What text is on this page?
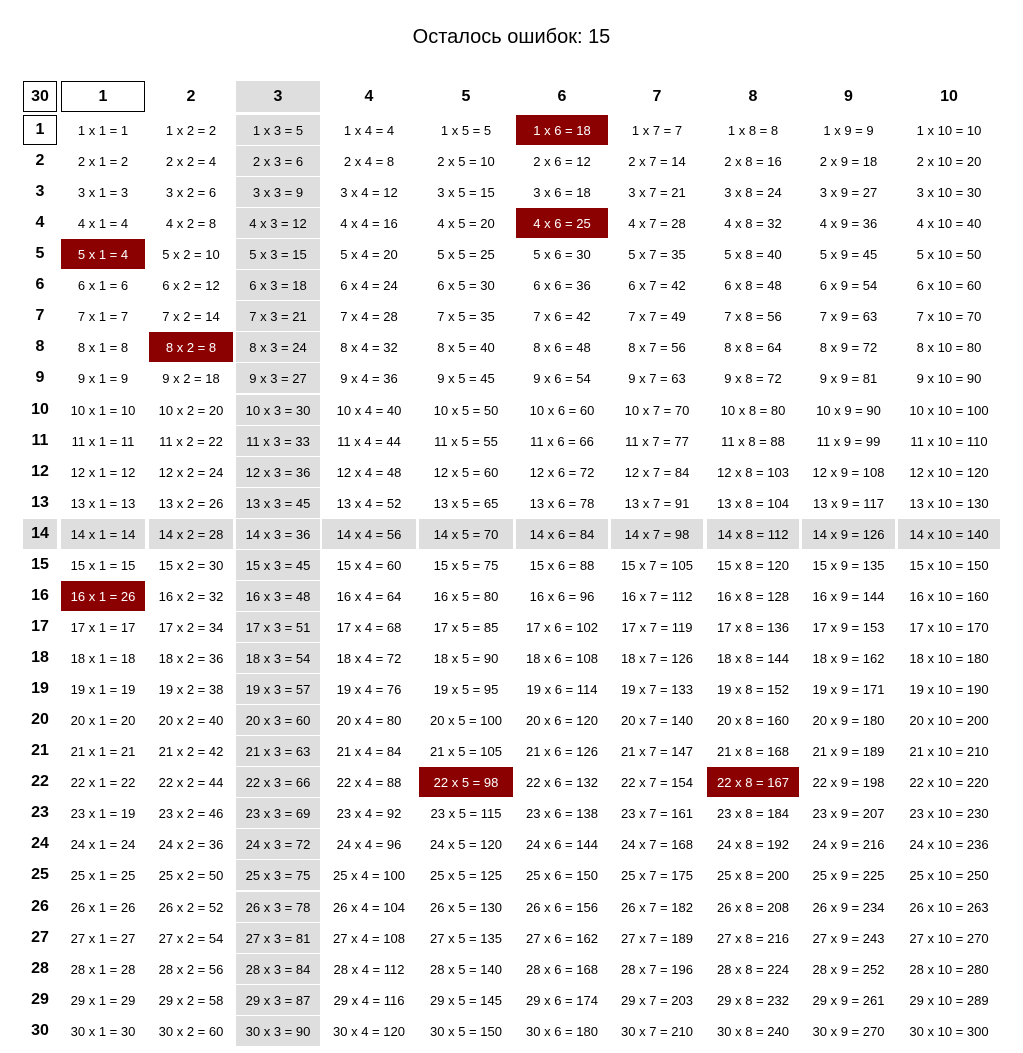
Осталось ошибок: 15
30	1	2	3	4	5	6	7	8	9	10
1	1 x 1 = 1	1 x 2 = 2	1 x 3 = 5	1 x 4 = 4	1 x 5 = 5	1 x 6 = 18	1 x 7 = 7	1 x 8 = 8	1 x 9 = 9	1 x 10 = 10
2	2 x 1 = 2	2 x 2 = 4	2 x 3 = 6	2 x 4 = 8	2 x 5 = 10	2 x 6 = 12	2 x 7 = 14	2 x 8 = 16	2 x 9 = 18	2 x 10 = 20
3	3 x 1 = 3	3 x 2 = 6	3 x 3 = 9	3 x 4 = 12	3 x 5 = 15	3 x 6 = 18	3 x 7 = 21	3 x 8 = 24	3 x 9 = 27	3 x 10 = 30
4	4 x 1 = 4	4 x 2 = 8	4 x 3 = 12	4 x 4 = 16	4 x 5 = 20	4 x 6 = 25	4 x 7 = 28	4 x 8 = 32	4 x 9 = 36	4 x 10 = 40
5	5 x 1 = 4	5 x 2 = 10	5 x 3 = 15	5 x 4 = 20	5 x 5 = 25	5 x 6 = 30	5 x 7 = 35	5 x 8 = 40	5 x 9 = 45	5 x 10 = 50
6	6 x 1 = 6	6 x 2 = 12	6 x 3 = 18	6 x 4 = 24	6 x 5 = 30	6 x 6 = 36	6 x 7 = 42	6 x 8 = 48	6 x 9 = 54	6 x 10 = 60
7	7 x 1 = 7	7 x 2 = 14	7 x 3 = 21	7 x 4 = 28	7 x 5 = 35	7 x 6 = 42	7 x 7 = 49	7 x 8 = 56	7 x 9 = 63	7 x 10 = 70
8	8 x 1 = 8	8 x 2 = 8	8 x 3 = 24	8 x 4 = 32	8 x 5 = 40	8 x 6 = 48	8 x 7 = 56	8 x 8 = 64	8 x 9 = 72	8 x 10 = 80
9	9 x 1 = 9	9 x 2 = 18	9 x 3 = 27	9 x 4 = 36	9 x 5 = 45	9 x 6 = 54	9 x 7 = 63	9 x 8 = 72	9 x 9 = 81	9 x 10 = 90
10	10 x 1 = 10	10 x 2 = 20	10 x 3 = 30	10 x 4 = 40	10 x 5 = 50	10 x 6 = 60	10 x 7 = 70	10 x 8 = 80	10 x 9 = 90	10 x 10 = 100
11	11 x 1 = 11	11 x 2 = 22	11 x 3 = 33	11 x 4 = 44	11 x 5 = 55	11 x 6 = 66	11 x 7 = 77	11 x 8 = 88	11 x 9 = 99	11 x 10 = 110
12	12 x 1 = 12	12 x 2 = 24	12 x 3 = 36	12 x 4 = 48	12 x 5 = 60	12 x 6 = 72	12 x 7 = 84	12 x 8 = 103	12 x 9 = 108	12 x 10 = 120
13	13 x 1 = 13	13 x 2 = 26	13 x 3 = 45	13 x 4 = 52	13 x 5 = 65	13 x 6 = 78	13 x 7 = 91	13 x 8 = 104	13 x 9 = 117	13 x 10 = 130
14	14 x 1 = 14	14 x 2 = 28	14 x 3 = 36	14 x 4 = 56	14 x 5 = 70	14 x 6 = 84	14 x 7 = 98	14 x 8 = 112	14 x 9 = 126	14 x 10 = 140
15	15 x 1 = 15	15 x 2 = 30	15 x 3 = 45	15 x 4 = 60	15 x 5 = 75	15 x 6 = 88	15 x 7 = 105	15 x 8 = 120	15 x 9 = 135	15 x 10 = 150
16	16 x 1 = 26	16 x 2 = 32	16 x 3 = 48	16 x 4 = 64	16 x 5 = 80	16 x 6 = 96	16 x 7 = 112	16 x 8 = 128	16 x 9 = 144	16 x 10 = 160
17	17 x 1 = 17	17 x 2 = 34	17 x 3 = 51	17 x 4 = 68	17 x 5 = 85	17 x 6 = 102	17 x 7 = 119	17 x 8 = 136	17 x 9 = 153	17 x 10 = 170
18	18 x 1 = 18	18 x 2 = 36	18 x 3 = 54	18 x 4 = 72	18 x 5 = 90	18 x 6 = 108	18 x 7 = 126	18 x 8 = 144	18 x 9 = 162	18 x 10 = 180
19	19 x 1 = 19	19 x 2 = 38	19 x 3 = 57	19 x 4 = 76	19 x 5 = 95	19 x 6 = 114	19 x 7 = 133	19 x 8 = 152	19 x 9 = 171	19 x 10 = 190
20	20 x 1 = 20	20 x 2 = 40	20 x 3 = 60	20 x 4 = 80	20 x 5 = 100	20 x 6 = 120	20 x 7 = 140	20 x 8 = 160	20 x 9 = 180	20 x 10 = 200
21	21 x 1 = 21	21 x 2 = 42	21 x 3 = 63	21 x 4 = 84	21 x 5 = 105	21 x 6 = 126	21 x 7 = 147	21 x 8 = 168	21 x 9 = 189	21 x 10 = 210
22	22 x 1 = 22	22 x 2 = 44	22 x 3 = 66	22 x 4 = 88	22 x 5 = 98	22 x 6 = 132	22 x 7 = 154	22 x 8 = 167	22 x 9 = 198	22 x 10 = 220
23	23 x 1 = 19	23 x 2 = 46	23 x 3 = 69	23 x 4 = 92	23 x 5 = 115	23 x 6 = 138	23 x 7 = 161	23 x 8 = 184	23 x 9 = 207	23 x 10 = 230
24	24 x 1 = 24	24 x 2 = 36	24 x 3 = 72	24 x 4 = 96	24 x 5 = 120	24 x 6 = 144	24 x 7 = 168	24 x 8 = 192	24 x 9 = 216	24 x 10 = 236
25	25 x 1 = 25	25 x 2 = 50	25 x 3 = 75	25 x 4 = 100	25 x 5 = 125	25 x 6 = 150	25 x 7 = 175	25 x 8 = 200	25 x 9 = 225	25 x 10 = 250
26	26 x 1 = 26	26 x 2 = 52	26 x 3 = 78	26 x 4 = 104	26 x 5 = 130	26 x 6 = 156	26 x 7 = 182	26 x 8 = 208	26 x 9 = 234	26 x 10 = 263
27	27 x 1 = 27	27 x 2 = 54	27 x 3 = 81	27 x 4 = 108	27 x 5 = 135	27 x 6 = 162	27 x 7 = 189	27 x 8 = 216	27 x 9 = 243	27 x 10 = 270
28	28 x 1 = 28	28 x 2 = 56	28 x 3 = 84	28 x 4 = 112	28 x 5 = 140	28 x 6 = 168	28 x 7 = 196	28 x 8 = 224	28 x 9 = 252	28 x 10 = 280
29	29 x 1 = 29	29 x 2 = 58	29 x 3 = 87	29 x 4 = 116	29 x 5 = 145	29 x 6 = 174	29 x 7 = 203	29 x 8 = 232	29 x 9 = 261	29 x 10 = 289
30	30 x 1 = 30	30 x 2 = 60	30 x 3 = 90	30 x 4 = 120	30 x 5 = 150	30 x 6 = 180	30 x 7 = 210	30 x 8 = 240	30 x 9 = 270	30 x 10 = 300
